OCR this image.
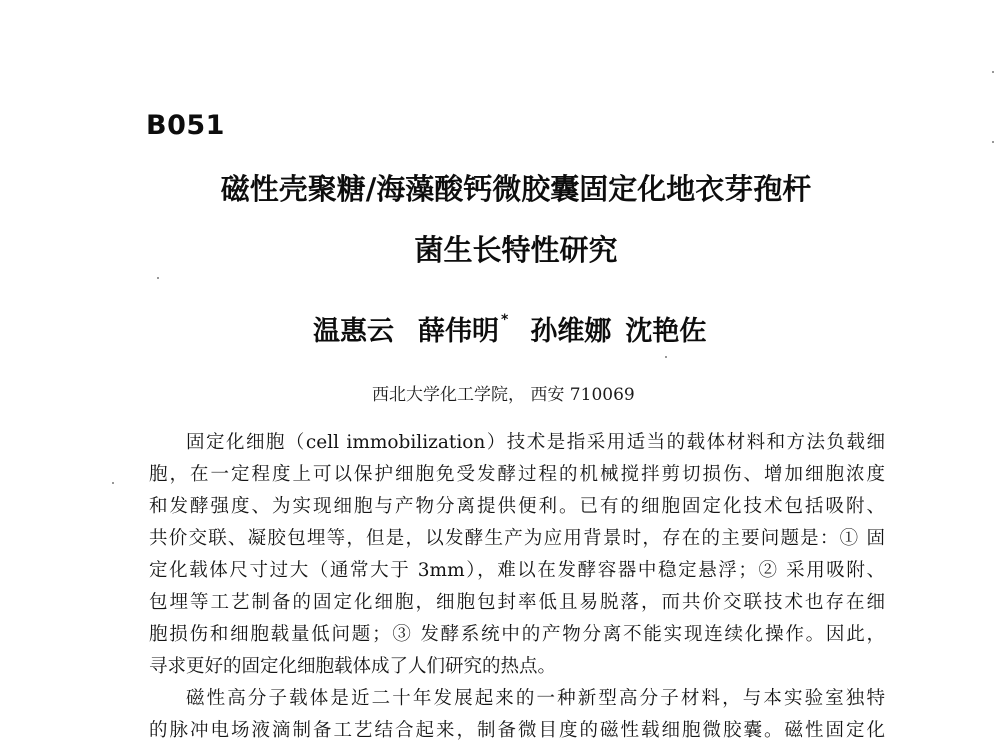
B051
磁性壳聚糖/海藻酸钙微胶囊固定化地衣芽孢杆
菌生长特性研究
温惠云 薛伟明 * 孙维娜 沈艳佐
西北大学化工学院， 西安 710069
固定化细胞（cell immobilization）技术是指采用适当的载体材料和方法负载细
胞，在一定程度上可以保护细胞免受发酵过程的机械搅拌剪切损伤、增加细胞浓度
和发酵强度、为实现细胞与产物分离提供便利。已有的细胞固定化技术包括吸附、
共价交联、凝胶包埋等，但是，以发酵生产为应用背景时，存在的主要问题是：① 固
定化载体尺寸过大（通常大于 3mm），难以在发酵容器中稳定悬浮；② 采用吸附、
包埋等工艺制备的固定化细胞，细胞包封率低且易脱落，而共价交联技术也存在细
胞损伤和细胞载量低问题；③ 发酵系统中的产物分离不能实现连续化操作。因此，
寻求更好的固定化细胞载体成了人们研究的热点。
磁性高分子载体是近二十年发展起来的一种新型高分子材料，与本实验室独特
的脉冲电场液滴制备工艺结合起来，制备微目度的磁性载细胞微胶囊。磁性固定化
